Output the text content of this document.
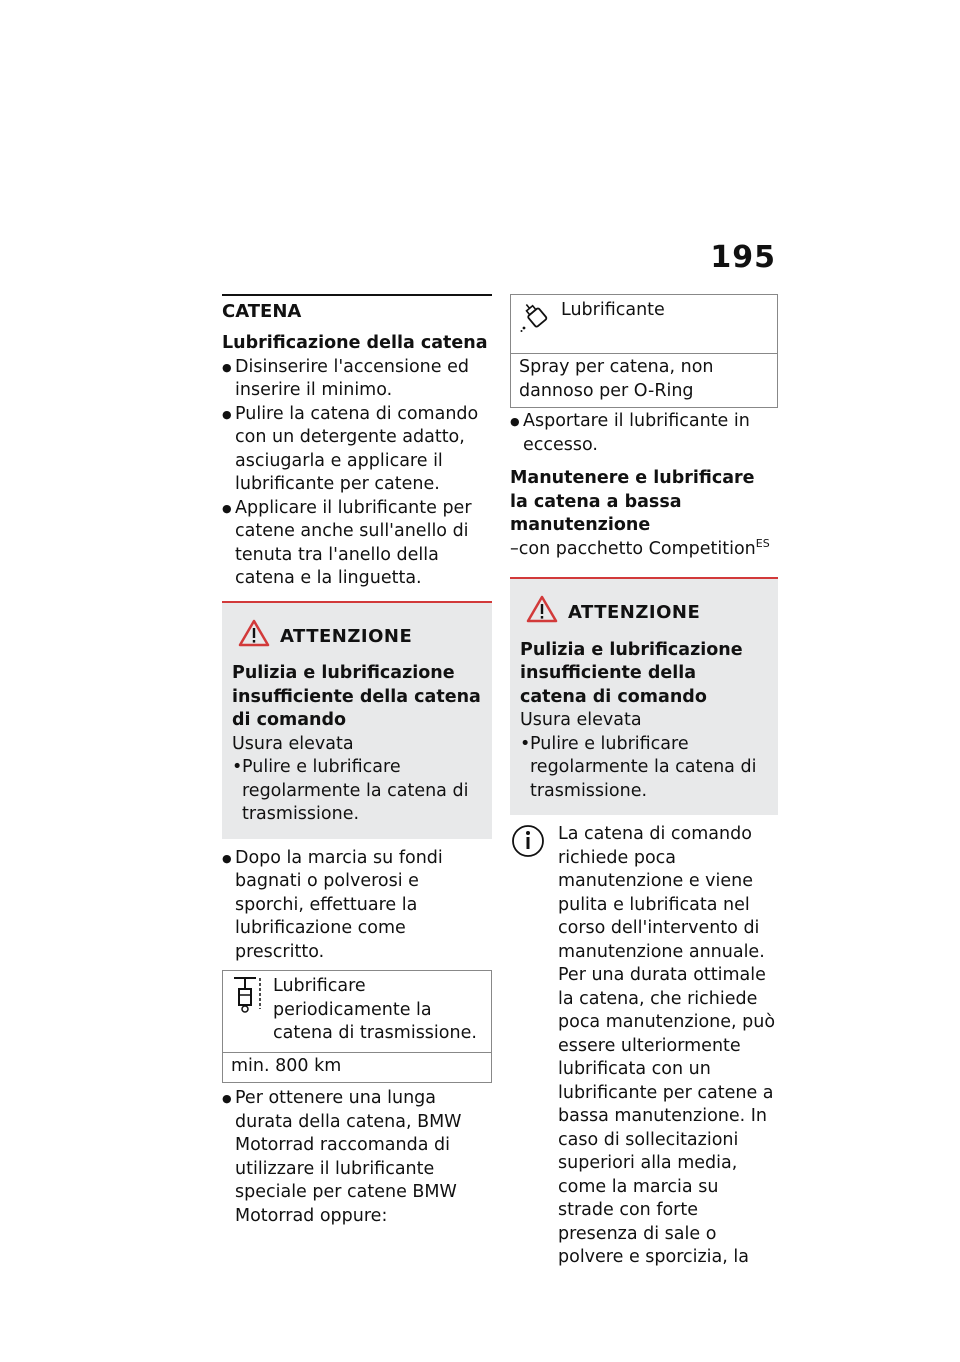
195
CATENA
Lubrificazione della catena
● Disinserire l'accensione ed inserire il minimo.
● Pulire la catena di comando con un detergente adatto, asciugarla e applicare il lubrificante per catene.
● Applicare il lubrificante per catene anche sull'anello di tenuta tra l'anello della catena e la linguetta.
ATTENZIONE
Pulizia e lubrificazione insufficiente della catena di comando
Usura elevata
• Pulire e lubrificare regolarmente la catena di trasmissione.
● Dopo la marcia su fondi bagnati o polverosi e sporchi, effettuare la lubrificazione come prescritto.
Lubrificare periodicamente la catena di trasmissione.
min. 800 km
● Per ottenere una lunga durata della catena, BMW Motorrad raccomanda di utilizzare il lubrificante speciale per catene BMW Motorrad oppure:
Lubrificante
Spray per catena, non dannoso per O-Ring
● Asportare il lubrificante in eccesso.
Manutenere e lubrificare la catena a bassa manutenzione
–con pacchetto Competition$^{ES}$
ATTENZIONE
Pulizia e lubrificazione insufficiente della catena di comando
Usura elevata
• Pulire e lubrificare regolarmente la catena di trasmissione.
La catena di comando richiede poca manutenzione e viene pulita e lubrificata nel corso dell'intervento di manutenzione annuale. Per una durata ottimale la catena, che richiede poca manutenzione, può essere ulteriormente lubrificata con un lubrificante per catene a bassa manutenzione. In caso di sollecitazioni superiori alla media, come la marcia su strade con forte presenza di sale o polvere e sporcizia, la
